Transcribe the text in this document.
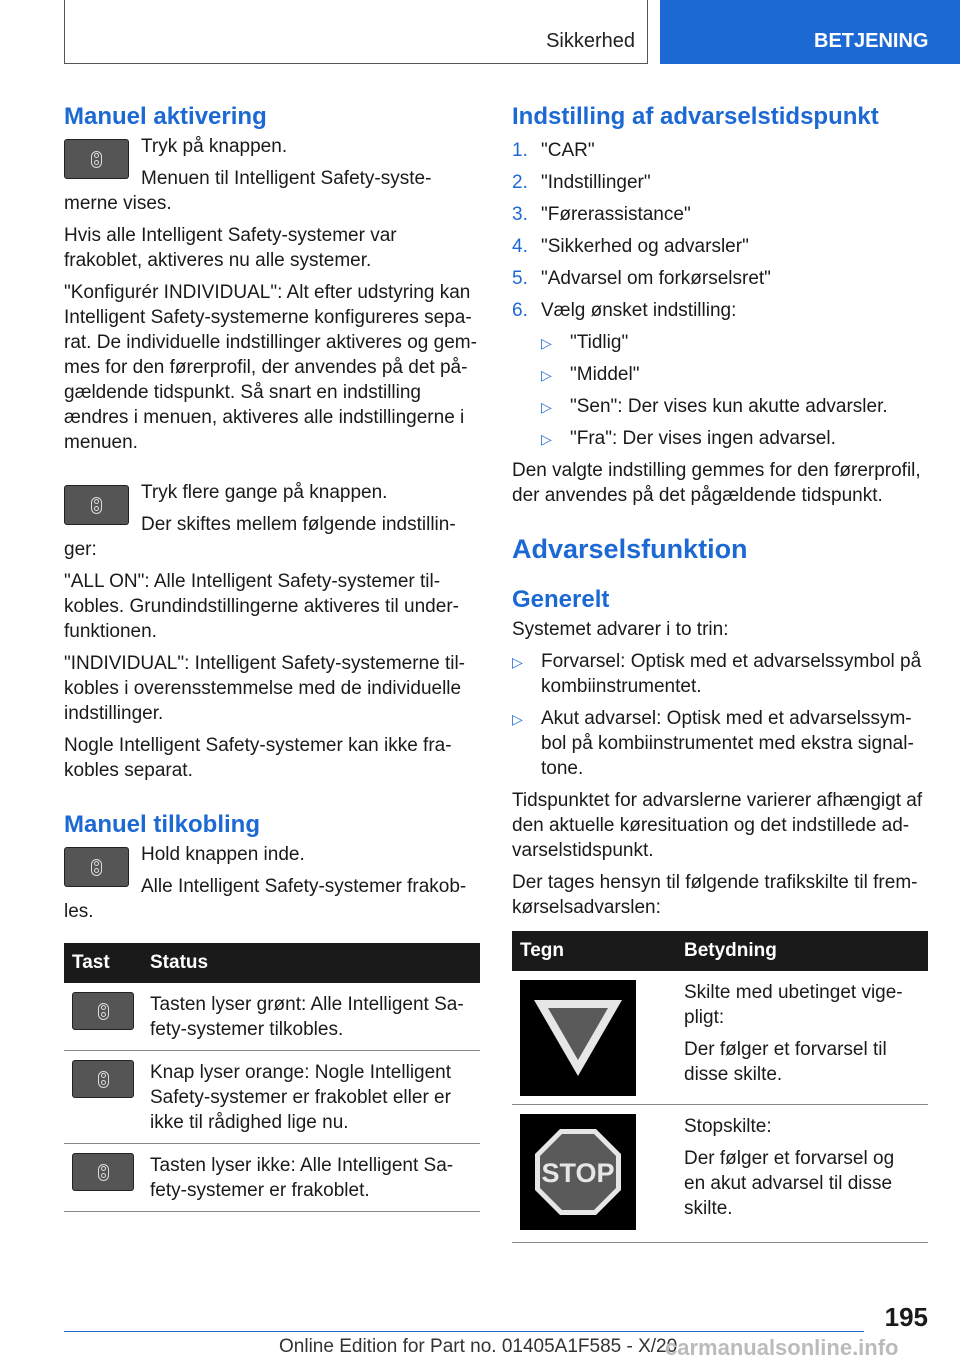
Sikkerhed	BETJENING
Manuel aktivering

Tryk på knappen.

Menuen til Intelligent Safety-syste-merne vises.

Hvis alle Intelligent Safety-systemer var frakoblet, aktiveres nu alle systemer.

"Konfigurér INDIVIDUAL": Alt efter udstyring kan Intelligent Safety-systemerne konfigureres sepa-rat. De individuelle indstillinger aktiveres og gem-mes for den førerprofil, der anvendes på det på-gældende tidspunkt. Så snart en indstilling ændres i menuen, aktiveres alle indstillingerne i menuen.

Tryk flere gange på knappen.

Der skiftes mellem følgende indstillin-ger:

"ALL ON": Alle Intelligent Safety-systemer til-kobles. Grundindstillingerne aktiveres til under-funktionen.

"INDIVIDUAL": Intelligent Safety-systemerne til-kobles i overensstemmelse med de individuelle indstillinger.

Nogle Intelligent Safety-systemer kan ikke fra-kobles separat.

Manuel tilkobling

Hold knappen inde.

Alle Intelligent Safety-systemer frakob-les.

Tast	Status

	Tasten lyser grønt: Alle Intelligent Sa-fety-systemer tilkobles.

	Knap lyser orange: Nogle Intelligent Safety-systemer er frakoblet eller er ikke til rådighed lige nu.

	Tasten lyser ikke: Alle Intelligent Sa-fety-systemer er frakoblet.
Indstilling af advarselstidspunkt
1. "CAR"
2. "Indstillinger"
3. "Førerassistance"
4. "Sikkerhed og advarsler"
5. "Advarsel om forkørselsret"
6. Vælg ønsket indstilling:
▷ "Tidlig"
▷ "Middel"
▷ "Sen": Der vises kun akutte advarsler.
▷ "Fra": Der vises ingen advarsel.

Den valgte indstilling gemmes for den førerprofil, der anvendes på det pågældende tidspunkt.

Advarselsfunktion
Generelt

Systemet advarer i to trin:

▷ Forvarsel: Optisk med et advarselssymbol på kombiinstrumentet.
▷ Akut advarsel: Optisk med et advarselssym-bol på kombiinstrumentet med ekstra signal-tone.

Tidspunktet for advarslerne varierer afhængigt af den aktuelle køresituation og det indstillede ad-varselstidspunkt.

Der tages hensyn til følgende trafikskilte til frem-kørselsadvarslen:

Tegn	Betydning

Skilte med ubetinget vige-pligt:

Der følger et forvarsel til disse skilte.

STOP	Stopskilte:

Der følger et forvarsel og en akut advarsel til disse skilte.

195
Online Edition for Part no. 01405A1F585 - X/20
carmanualsonline.info
